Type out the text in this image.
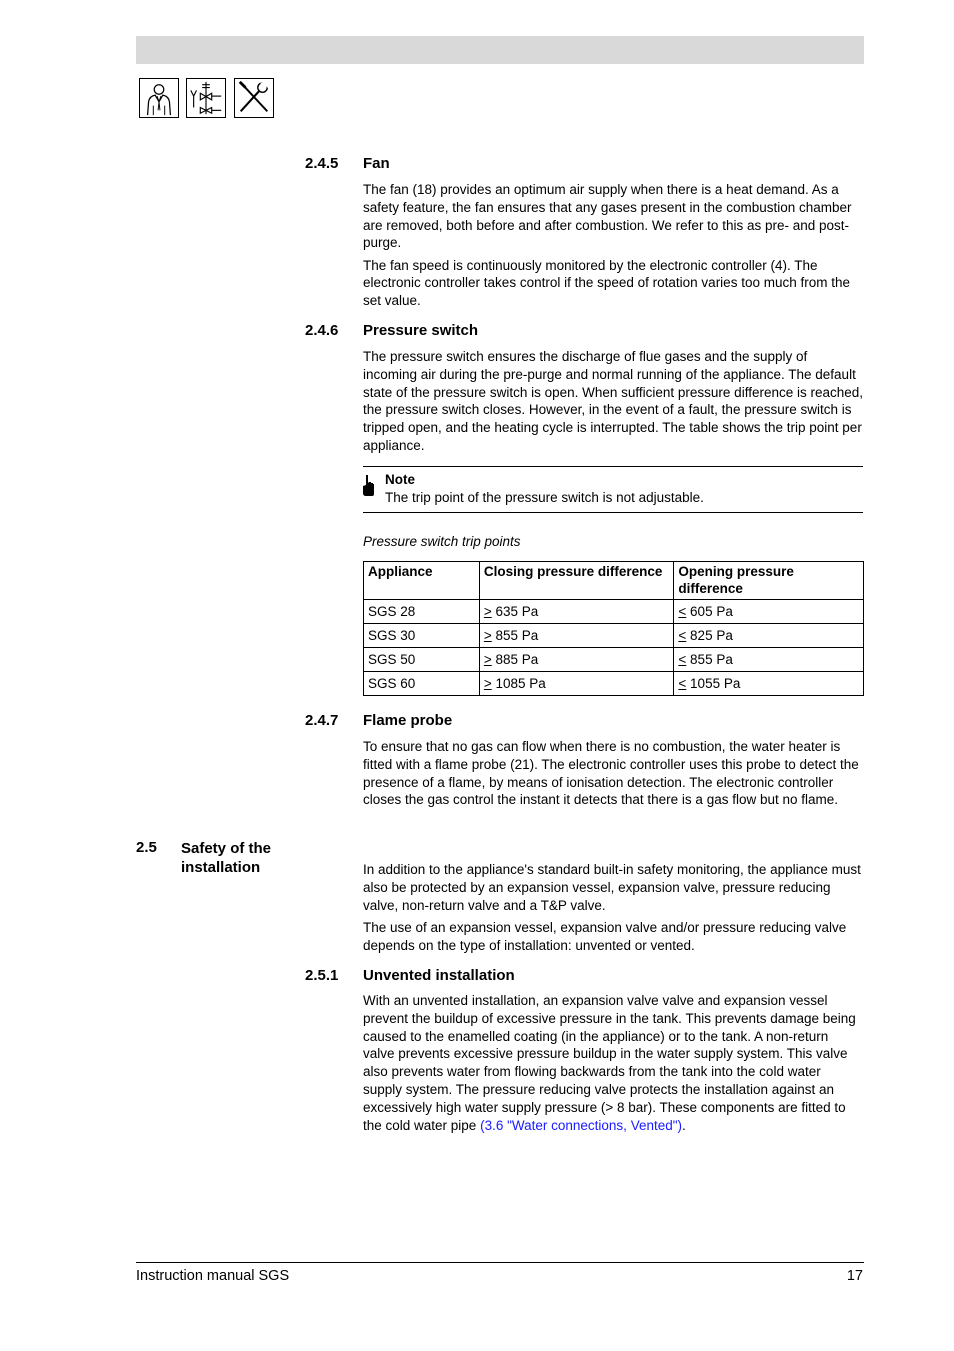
2.4.5 Fan

The fan (18) provides an optimum air supply when there is a heat demand. As a safety feature, the fan ensures that any gases present in the combustion chamber are removed, both before and after combustion. We refer to this as pre- and post-purge.

The fan speed is continuously monitored by the electronic controller (4). The electronic controller takes control if the speed of rotation varies too much from the set value.

2.4.6 Pressure switch

The pressure switch ensures the discharge of flue gases and the supply of incoming air during the pre-purge and normal running of the appliance. The default state of the pressure switch is open. When sufficient pressure difference is reached, the pressure switch closes. However, in the event of a fault, the pressure switch is tripped open, and the heating cycle is interrupted. The table shows the trip point per appliance.

Note
The trip point of the pressure switch is not adjustable.
Pressure switch trip points
Appliance	Closing pressure difference	Opening pressure difference
SGS 28	≥ 635 Pa	≤ 605 Pa
SGS 30	≥ 855 Pa	≤ 825 Pa
SGS 50	≥ 885 Pa	≤ 855 Pa
SGS 60	≥ 1085 Pa	≤ 1055 Pa
2.4.7 Flame probe

To ensure that no gas can flow when there is no combustion, the water heater is fitted with a flame probe (21). The electronic controller uses this probe to detect the presence of a flame, by means of ionisation detection. The electronic controller closes the gas control the instant it detects that there is a gas flow but no flame.

2.5 Safety of the
installation	In addition to the appliance's standard built-in safety monitoring, the appliance must also be protected by an expansion vessel, expansion valve, pressure reducing valve, non-return valve and a T&P valve.

The use of an expansion vessel, expansion valve and/or pressure reducing valve depends on the type of installation: unvented or vented.

2.5.1 Unvented installation

With an unvented installation, an expansion valve valve and expansion vessel prevent the buildup of excessive pressure in the tank. This prevents damage being caused to the enamelled coating (in the appliance) or to the tank. A non-return valve prevents excessive pressure buildup in the water supply system. This valve also prevents water from flowing backwards from the tank into the cold water supply system. The pressure reducing valve protects the installation against an excessively high water supply pressure (> 8 bar). These components are fitted to the cold water pipe (3.6 "Water connections, Vented").

Instruction manual SGS	17
